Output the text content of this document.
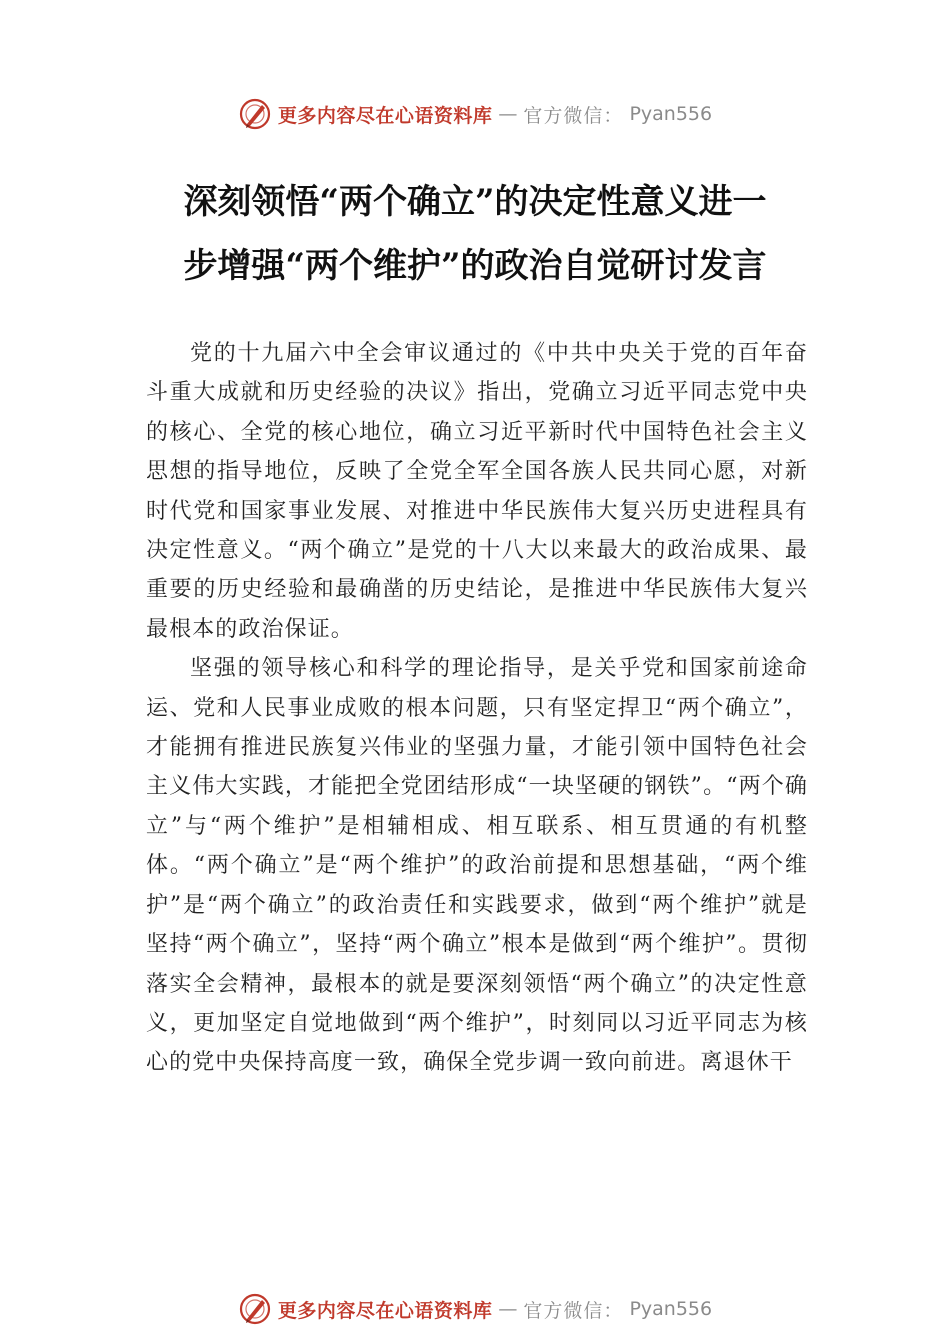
更多内容尽在心语资料库 — 官方微信： Pyan556
深刻领悟“两个确立”的决定性意义进一
步增强“两个维护”的政治自觉研讨发言

党的十九届六中全会审议通过的《中共中央关于党的百年奋斗重大成就和历史经验的决议》指出，党确立习近平同志党中央的核心、全党的核心地位，确立习近平新时代中国特色社会主义思想的指导地位，反映了全党全军全国各族人民共同心愿，对新时代党和国家事业发展、对推进中华民族伟大复兴历史进程具有决定性意义。“两个确立”是党的十八大以来最大的政治成果、最重要的历史经验和最确凿的历史结论，是推进中华民族伟大复兴最根本的政治保证。

坚强的领导核心和科学的理论指导，是关乎党和国家前途命运、党和人民事业成败的根本问题，只有坚定捍卫“两个确立”，才能拥有推进民族复兴伟业的坚强力量，才能引领中国特色社会主义伟大实践，才能把全党团结形成“一块坚硬的钢铁”。“两个确立”与“两个维护”是相辅相成、相互联系、相互贯通的有机整体。“两个确立”是“两个维护”的政治前提和思想基础，“两个维护”是“两个确立”的政治责任和实践要求，做到“两个维护”就是坚持“两个确立”，坚持“两个确立”根本是做到“两个维护”。贯彻落实全会精神，最根本的就是要深刻领悟“两个确立”的决定性意义，更加坚定自觉地做到“两个维护”，时刻同以习近平同志为核心的党中央保持高度一致，确保全党步调一致向前进。离退休干

更多内容尽在心语资料库 — 官方微信： Pyan556
